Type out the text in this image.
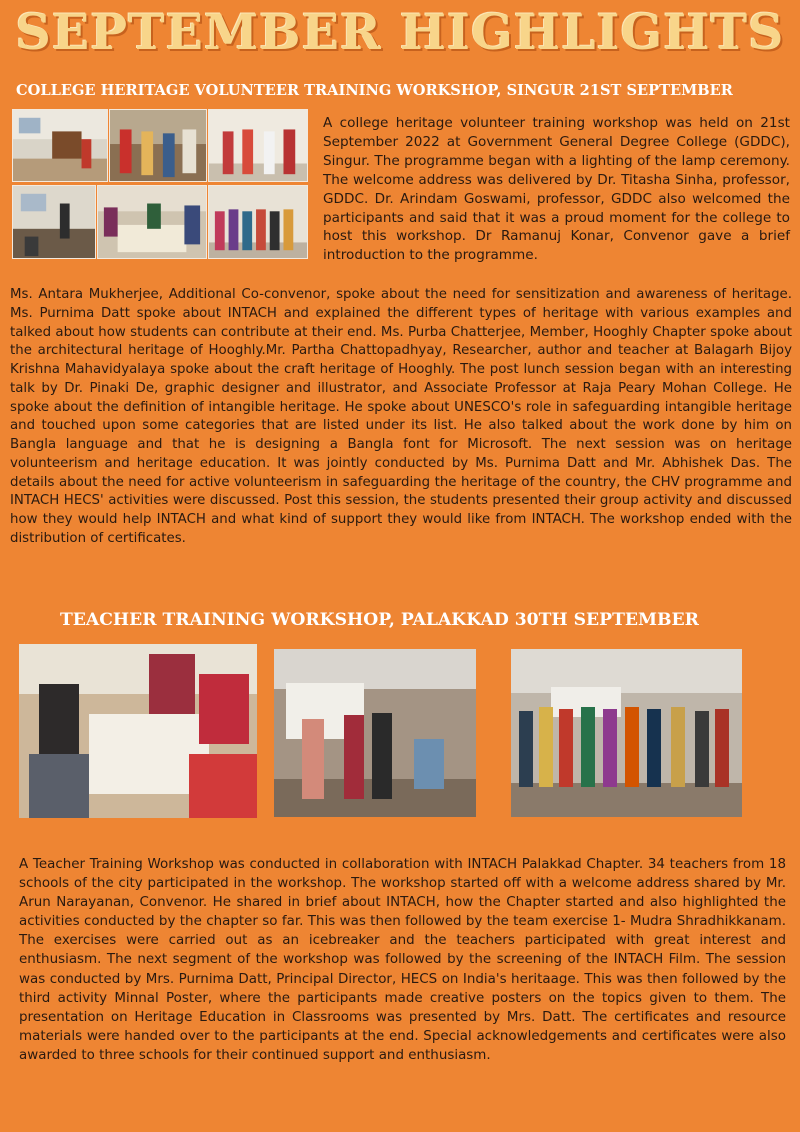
SEPTEMBER HIGHLIGHTS
COLLEGE HERITAGE VOLUNTEER TRAINING WORKSHOP, SINGUR 21ST SEPTEMBER

A college heritage volunteer training workshop was held on 21st September 2022 at Government General Degree College (GDDC), Singur. The programme began with a lighting of the lamp ceremony. The welcome address was delivered by Dr. Titasha Sinha, professor, GDDC. Dr. Arindam Goswami, professor, GDDC also welcomed the participants and said that it was a proud moment for the college to host this workshop. Dr Ramanuj Konar, Convenor gave a brief introduction to the programme.

Ms. Antara Mukherjee, Additional Co-convenor, spoke about the need for sensitization and awareness of heritage. Ms. Purnima Datt spoke about INTACH and explained the different types of heritage with various examples and talked about how students can contribute at their end. Ms. Purba Chatterjee, Member, Hooghly Chapter spoke about the architectural heritage of Hooghly.Mr. Partha Chattopadhyay, Researcher, author and teacher at Balagarh Bijoy Krishna Mahavidyalaya spoke about the craft heritage of Hooghly. The post lunch session began with an interesting talk by Dr. Pinaki De, graphic designer and illustrator, and Associate Professor at Raja Peary Mohan College. He spoke about the definition of intangible heritage. He spoke about UNESCO's role in safeguarding intangible heritage and touched upon some categories that are listed under its list. He also talked about the work done by him on Bangla language and that he is designing a Bangla font for Microsoft. The next session was on heritage volunteerism and heritage education. It was jointly conducted by Ms. Purnima Datt and Mr. Abhishek Das. The details about the need for active volunteerism in safeguarding the heritage of the country, the CHV programme and INTACH HECS' activities were discussed. Post this session, the students presented their group activity and discussed how they would help INTACH and what kind of support they would like from INTACH. The workshop ended with the distribution of certificates.

TEACHER TRAINING WORKSHOP, PALAKKAD 30TH SEPTEMBER

A Teacher Training Workshop was conducted in collaboration with INTACH Palakkad Chapter. 34 teachers from 18 schools of the city participated in the workshop. The workshop started off with a welcome address shared by Mr. Arun Narayanan, Convenor. He shared in brief about INTACH, how the Chapter started and also highlighted the activities conducted by the chapter so far. This was then followed by the team exercise 1- Mudra Shradhikkanam. The exercises were carried out as an icebreaker and the teachers participated with great interest and enthusiasm. The next segment of the workshop was followed by the screening of the INTACH Film. The session was conducted by Mrs. Purnima Datt, Principal Director, HECS on India's heritaage. This was then followed by the third activity Minnal Poster, where the participants made creative posters on the topics given to them. The presentation on Heritage Education in Classrooms was presented by Mrs. Datt. The certificates and resource materials were handed over to the participants at the end. Special acknowledgements and certificates were also awarded to three schools for their continued support and enthusiasm.
